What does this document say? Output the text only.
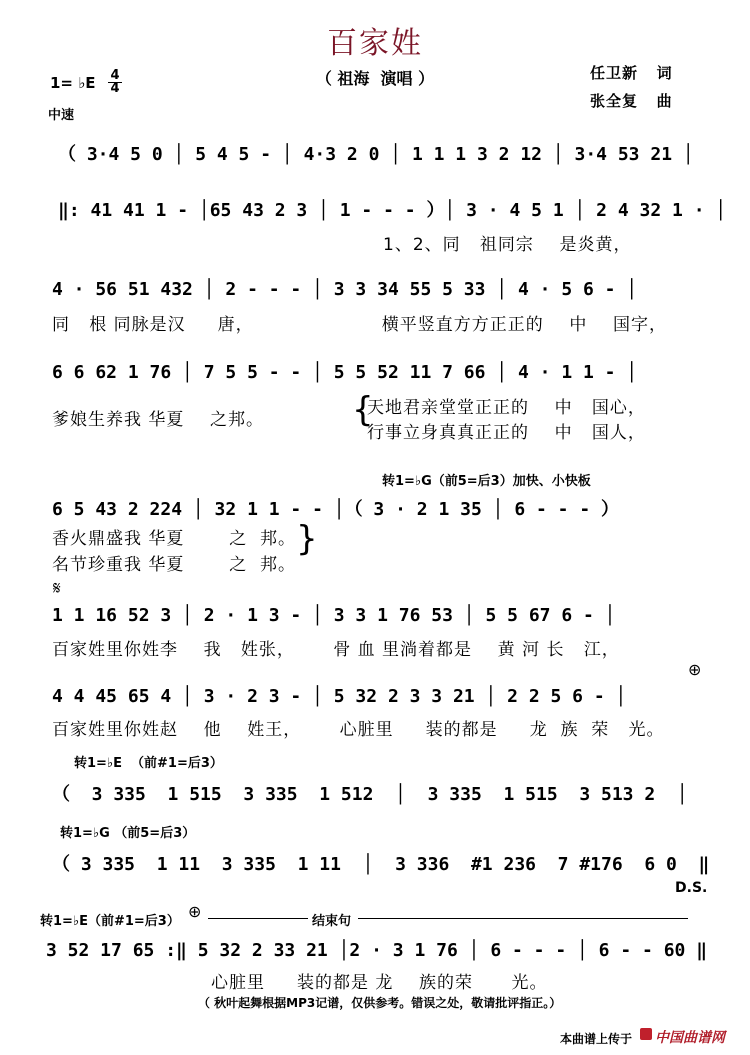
百家姓
（ 祖海  演唱 ）	任卫新   词
张全复   曲
1= ♭E $\frac{4}{4}$
中速
（ 3·4 5 0 │ 5 4 5 - │ 4·3 2 0 │ 1 1 1 3 2 12 │ 3·4 53 21 │
‖: 41 41 1 - │65 43 2 3 │ 1 - - - ）│ 3 · 4 5 1 │ 2 4 32 1 · │
1、2、同   祖同宗    是炎黄，
4 · 56 51 432 │ 2 - - - │ 3 3 34 55 5 33 │ 4 · 5 6 - │
同   根 同脉是汉     唐，                    横平竖直方方正正的    中    国字，
6 6 62 1 76 │ 7 5 5 - - │ 5 5 52 11 7 66 │ 4 · 1 1 - │
爹娘生养我 华夏    之邦。	{
天地君亲堂堂正正的    中   国心，
行事立身真真正正的    中   国人，
转1=♭G（前5=后3）加快、小快板
6 5 43 2 224 │ 32 1 1 - - │（ 3 · 2 1 35 │ 6 - - - ）
香火鼎盛我 华夏       之  邦。
名节珍重我 华夏       之  邦。
}
𝄋
1 1 16 52 3 │ 2 · 1 3 - │ 3 3 1 76 53 │ 5 5 67 6 - │
百家姓里你姓李    我   姓张，      骨 血 里淌着都是    黄 河 长   江，
⊕
4 4 45 65 4 │ 3 · 2 3 - │ 5 32 2 3 3 21 │ 2 2 5 6 - │
百家姓里你姓赵    他    姓王，      心脏里     装的都是     龙  族  荣   光。
转1=♭E  （前#1=后3）
（  3 335  1 515  3 335  1 512  │  3 335  1 515  3 513 2  │
转1=♭G （前5=后3）
（ 3 335  1 11  3 335  1 11  │  3 336  #1 236  7 #176  6 0  ‖
D.S.
转1=♭E（前#1=后3）
⊕
结束句
3 52 17 65 :‖ 5 32 2 33 21 │2 · 3 1 76 │ 6 - - - │ 6 - - 60 ‖
心脏里     装的都是 龙    族的荣      光。
（ 秋叶起舞根据MP3记谱，仅供参考。错误之处，敬请批评指正。）
本曲谱上传于 中国曲谱网
